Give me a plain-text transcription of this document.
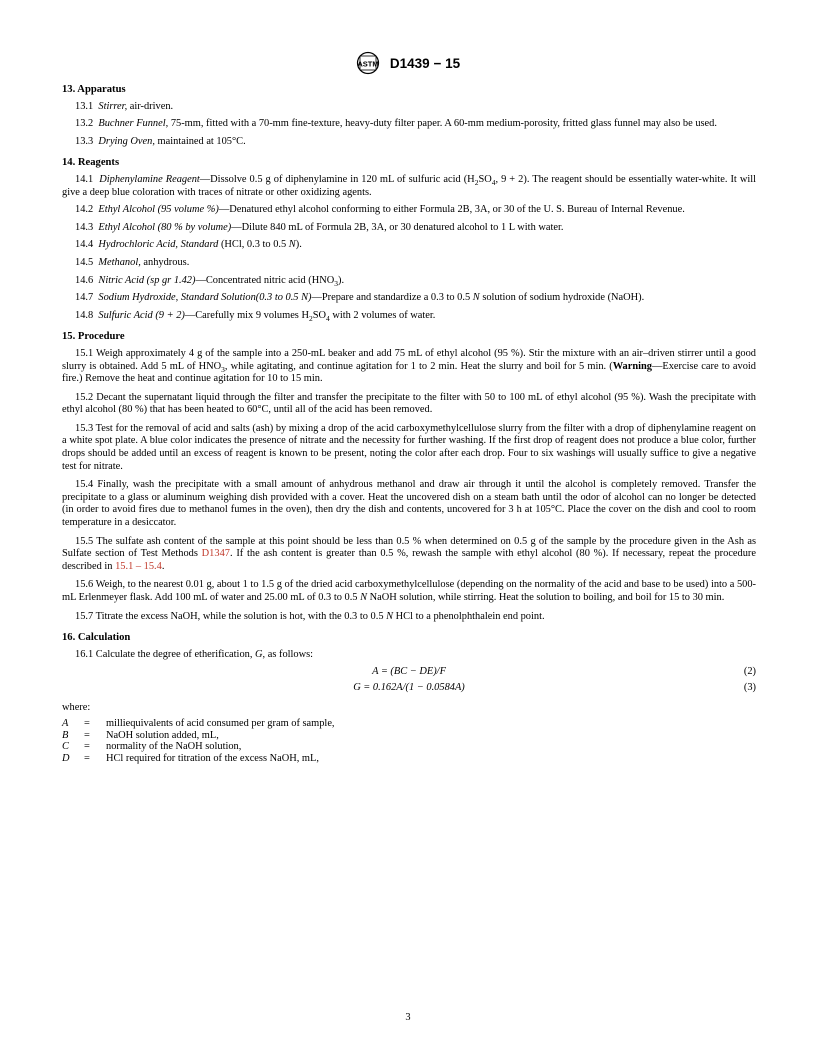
ASTM D1439 − 15
13. Apparatus

13.1 Stirrer, air-driven.

13.2 Buchner Funnel, 75-mm, fitted with a 70-mm fine-texture, heavy-duty filter paper. A 60-mm medium-porosity, fritted glass funnel may also be used.

13.3 Drying Oven, maintained at 105°C.

14. Reagents

14.1 Diphenylamine Reagent—Dissolve 0.5 g of diphenylamine in 120 mL of sulfuric acid ($H_2SO_4$, 9 + 2). The reagent should be essentially water-white. It will give a deep blue coloration with traces of nitrate or other oxidizing agents.

14.2 Ethyl Alcohol (95 volume %)—Denatured ethyl alcohol conforming to either Formula 2B, 3A, or 30 of the U. S. Bureau of Internal Revenue.

14.3 Ethyl Alcohol (80 % by volume)—Dilute 840 mL of Formula 2B, 3A, or 30 denatured alcohol to 1 L with water.

14.4 Hydrochloric Acid, Standard (HCl, 0.3 to 0.5 N).

14.5 Methanol, anhydrous.

14.6 Nitric Acid (sp gr 1.42)—Concentrated nitric acid $(HNO_3)$.

14.7 Sodium Hydroxide, Standard Solution(0.3 to 0.5 N)—Prepare and standardize a 0.3 to 0.5 N solution of sodium hydroxide (NaOH).

14.8 Sulfuric Acid (9 + 2)—Carefully mix 9 volumes $H_2SO_4$ with 2 volumes of water.

15. Procedure

15.1 Weigh approximately 4 g of the sample into a 250-mL beaker and add 75 mL of ethyl alcohol (95 %). Stir the mixture with an air–driven stirrer until a good slurry is obtained. Add 5 mL of $HNO_3$, while agitating, and continue agitation for 1 to 2 min. Heat the slurry and boil for 5 min. (Warning—Exercise care to avoid fire.) Remove the heat and continue agitation for 10 to 15 min.

15.2 Decant the supernatant liquid through the filter and transfer the precipitate to the filter with 50 to 100 mL of ethyl alcohol (95 %). Wash the precipitate with ethyl alcohol (80 %) that has been heated to 60°C, until all of the acid has been removed.

15.3 Test for the removal of acid and salts (ash) by mixing a drop of the acid carboxymethylcellulose slurry from the filter with a drop of diphenylamine reagent on a white spot plate. A blue color indicates the presence of nitrate and the necessity for further washing. If the first drop of reagent does not produce a blue color, further drops should be added until an excess of reagent is known to be present, noting the color after each drop. Four to six washings will usually suffice to give a negative test for nitrate.

15.4 Finally, wash the precipitate with a small amount of anhydrous methanol and draw air through it until the alcohol is completely removed. Transfer the precipitate to a glass or aluminum weighing dish provided with a cover. Heat the uncovered dish on a steam bath until the odor of alcohol can no longer be detected (in order to avoid fires due to methanol fumes in the oven), then dry the dish and contents, uncovered for 3 h at 105°C. Place the cover on the dish and cool to room temperature in a desiccator.

15.5 The sulfate ash content of the sample at this point should be less than 0.5 % when determined on 0.5 g of the sample by the procedure given in the Ash as Sulfate section of Test Methods D1347. If the ash content is greater than 0.5 %, rewash the sample with ethyl alcohol (80 %). If necessary, repeat the procedure described in 15.1 – 15.4.

15.6 Weigh, to the nearest 0.01 g, about 1 to 1.5 g of the dried acid carboxymethylcellulose (depending on the normality of the acid and base to be used) into a 500-mL Erlenmeyer flask. Add 100 mL of water and 25.00 mL of 0.3 to 0.5 N NaOH solution, while stirring. Heat the solution to boiling, and boil for 15 to 30 min.

15.7 Titrate the excess NaOH, while the solution is hot, with the 0.3 to 0.5 N HCl to a phenolphthalein end point.

16. Calculation

16.1 Calculate the degree of etherification, G, as follows:

A = (BC − DE)/F	(2)
G = 0.162A/(1 − 0.0584A)	(3)
where:
A	=	milliequivalents of acid consumed per gram of sample,
B	=	NaOH solution added, mL,
C	=	normality of the NaOH solution,
D	=	HCl required for titration of the excess NaOH, mL,
3
